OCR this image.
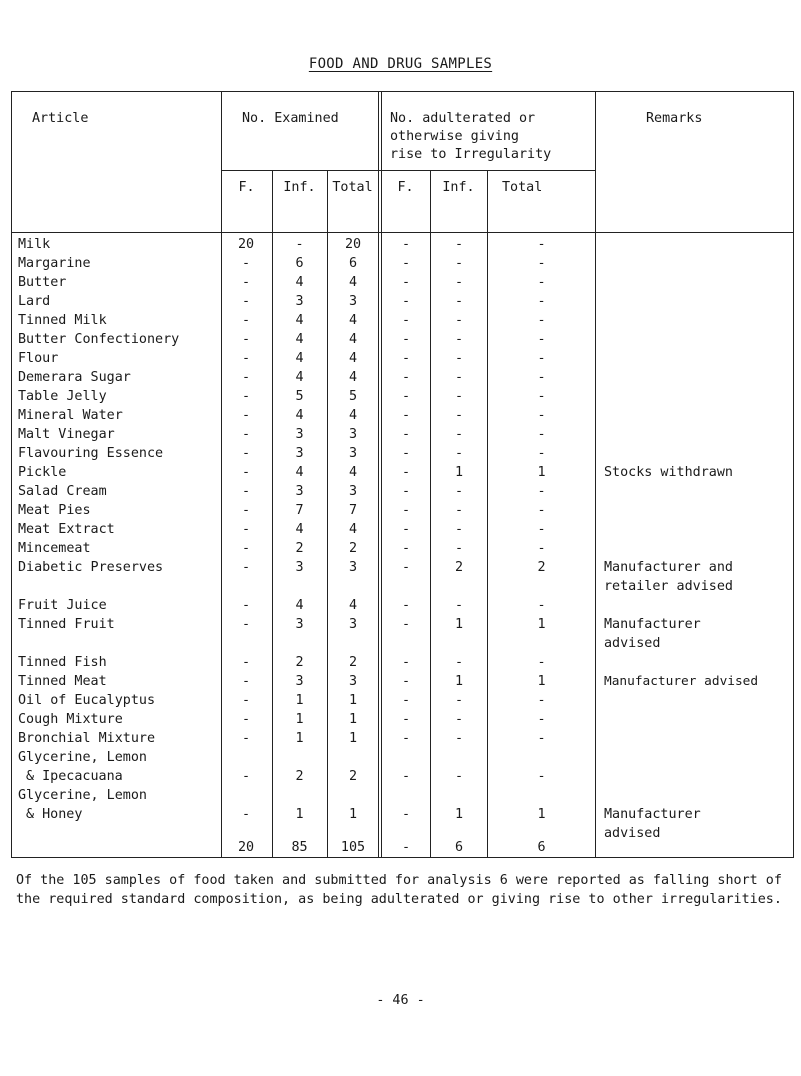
FOOD AND DRUG SAMPLES
Article	No. Examined	No. adulterated or
otherwise giving
rise to Irregularity
Remarks
F.	Inf.	Total	F.	Inf.	Total
Milk	20	-	20	-	-	-
Margarine	-	6	6	-	-	-
Butter	-	4	4	-	-	-
Lard	-	3	3	-	-	-
Tinned Milk	-	4	4	-	-	-
Butter Confectionery	-	4	4	-	-	-
Flour	-	4	4	-	-	-
Demerara Sugar	-	4	4	-	-	-
Table Jelly	-	5	5	-	-	-
Mineral Water	-	4	4	-	-	-
Malt Vinegar	-	3	3	-	-	-
Flavouring Essence	-	3	3	-	-	-
Pickle	-	4	4	-	1	1	Stocks withdrawn
Salad Cream	-	3	3	-	-	-
Meat Pies	-	7	7	-	-	-
Meat Extract	-	4	4	-	-	-
Mincemeat	-	2	2	-	-	-
Diabetic Preserves	-	3	3	-	2	2	Manufacturer and
retailer advised
Fruit Juice	-	4	4	-	-	-
Tinned Fruit	-	3	3	-	1	1	Manufacturer
advised
Tinned Fish	-	2	2	-	-	-
Tinned Meat	-	3	3	-	1	1	Manufacturer advised
Oil of Eucalyptus	-	1	1	-	-	-
Cough Mixture	-	1	1	-	-	-
Bronchial Mixture	-	1	1	-	-	-
Glycerine, Lemon
& Ipecacuana	-	2	2	-	-	-
Glycerine, Lemon
& Honey	-	1	1	-	1	1	Manufacturer
advised
20	85	105	-	6	6
Of the 105 samples of food taken and submitted for analysis 6 were reported as falling short of the required standard composition, as being adulterated or giving rise to other irregularities.
- 46 -
